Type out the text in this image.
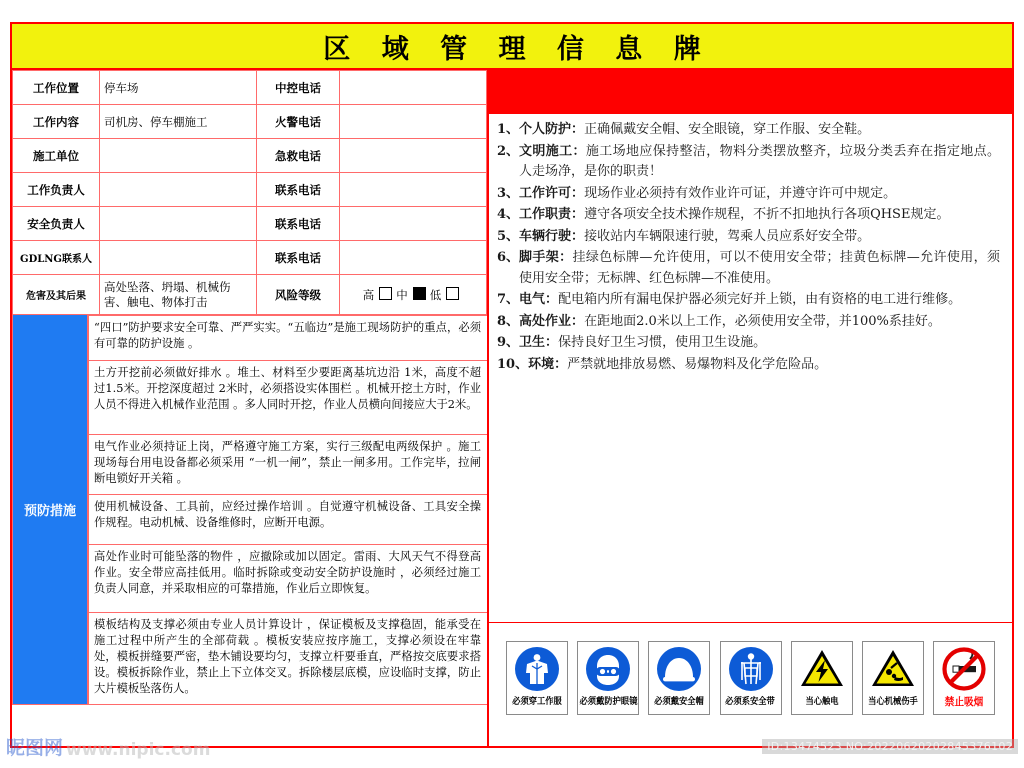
区 域 管 理 信 息 牌
工作位置	停车场	中控电话	
工作内容	司机房、停车棚施工	火警电话	
施工单位		急救电话	
工作负责人		联系电话	
安全负责人		联系电话	
GDLNG联系人		联系电话	
危害及其后果	高处坠落、坍塌、机械伤害、触电、物体打击	风险等级	高 中 低
预防措施
“四口”防护要求安全可靠、严严实实。“五临边”是施工现场防护的重点，必须有可靠的防护设施 。
土方开挖前必须做好排水 。堆土、材料至少要距离基坑边沿 1米，高度不超过1.5米。开挖深度超过 2米时，必须搭设实体围栏 。机械开挖土方时，作业人员不得进入机械作业范围 。多人同时开挖，作业人员横向间接应大于2米。
电气作业必须持证上岗，严格遵守施工方案，实行三级配电两级保护 。施工现场每台用电设备都必须采用 “一机一闸”，禁止一闸多用。工作完毕，拉闸断电锁好开关箱 。
使用机械设备、工具前，应经过操作培训 。自觉遵守机械设备、工具安全操作规程。电动机械、设备维修时，应断开电源。
高处作业时可能坠落的物件 ，应撤除或加以固定。雷雨、大风天气不得登高作业。安全带应高挂低用。临时拆除或变动安全防护设施时 ，必须经过施工负责人同意，并采取相应的可靠措施，作业后立即恢复。
模板结构及支撑必须由专业人员计算设计 ，保证模板及支撑稳固，能承受在施工过程中所产生的全部荷载 。模板安装应按序施工，支撑必须设在牢靠处，模板拼缝要严密，垫木铺设要均匀，支撑立杆要垂直，严格按交底要求搭设。模板拆除作业，禁止上下立体交叉。拆除楼层底模，应设临时支撑，防止大片模板坠落伤人。
1、 个人防护：正确佩戴安全帽、安全眼镜，穿工作服、安全鞋。
2、 文明施工：施工场地应保持整洁，物料分类摆放整齐，垃圾分类丢弃在指定地点。人走场净，是你的职责！
3、 工作许可：现场作业必须持有效作业许可证，并遵守许可中规定。
4、 工作职责：遵守各项安全技术操作规程，不折不扣地执行各项QHSE规定。
5、 车辆行驶：接收站内车辆限速行驶，驾乘人员应系好安全带。
6、 脚手架：挂绿色标牌—允许使用，可以不使用安全带；挂黄色标牌—允许使用，须使用安全带；无标牌、红色标牌—不准使用。
7、 电气：配电箱内所有漏电保护器必须完好并上锁，由有资格的电工进行维修。
8、 高处作业：在距地面2.0米以上工作，必须使用安全带，并100%系挂好。
9、 卫生：保持良好卫生习惯，使用卫生设施。
10、 环境：严禁就地排放易燃、易爆物料及化学危险品。
必须穿工作服 必须戴防护眼镜 必须戴安全帽 必须系安全带	当心触电	当心机械伤手	禁止吸烟
昵图网 www.nipic.com	ID:13474523 NO:20220620202845376102
